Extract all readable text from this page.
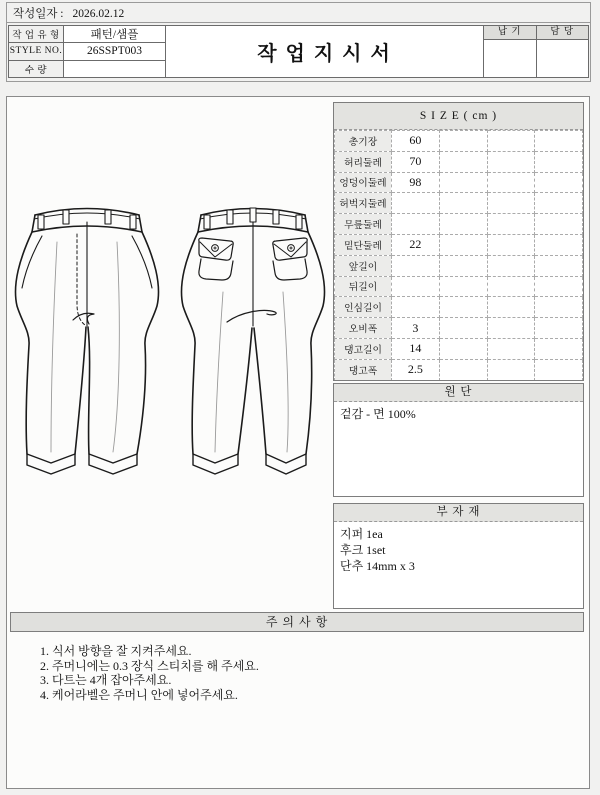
작성일자 : 2026.02.12
작 업 유 형	패턴/샘플
STYLE NO.	26SSPT003
수 량
작 업 지 시 서
납 기	담 당
S I Z E ( cm )
총기장	60			
허리둘레	70			
엉덩이둘레	98			
허벅지둘레				
무릎둘레				
밑단둘레	22			
앞길이				
뒤길이				
인심길이				
오비폭	3			
댕고길이	14			
댕고폭	2.5			
원 단
겉감 - 면 100%
부 자 재
지퍼 1ea
후크 1set
단추 14mm x 3
주 의 사 항
1. 식서 방향을 잘 지켜주세요.
2. 주머니에는 0.3 장식 스티치를 해 주세요.
3. 다트는 4개 잡아주세요.
4. 케어라벨은 주머니 안에 넣어주세요.
